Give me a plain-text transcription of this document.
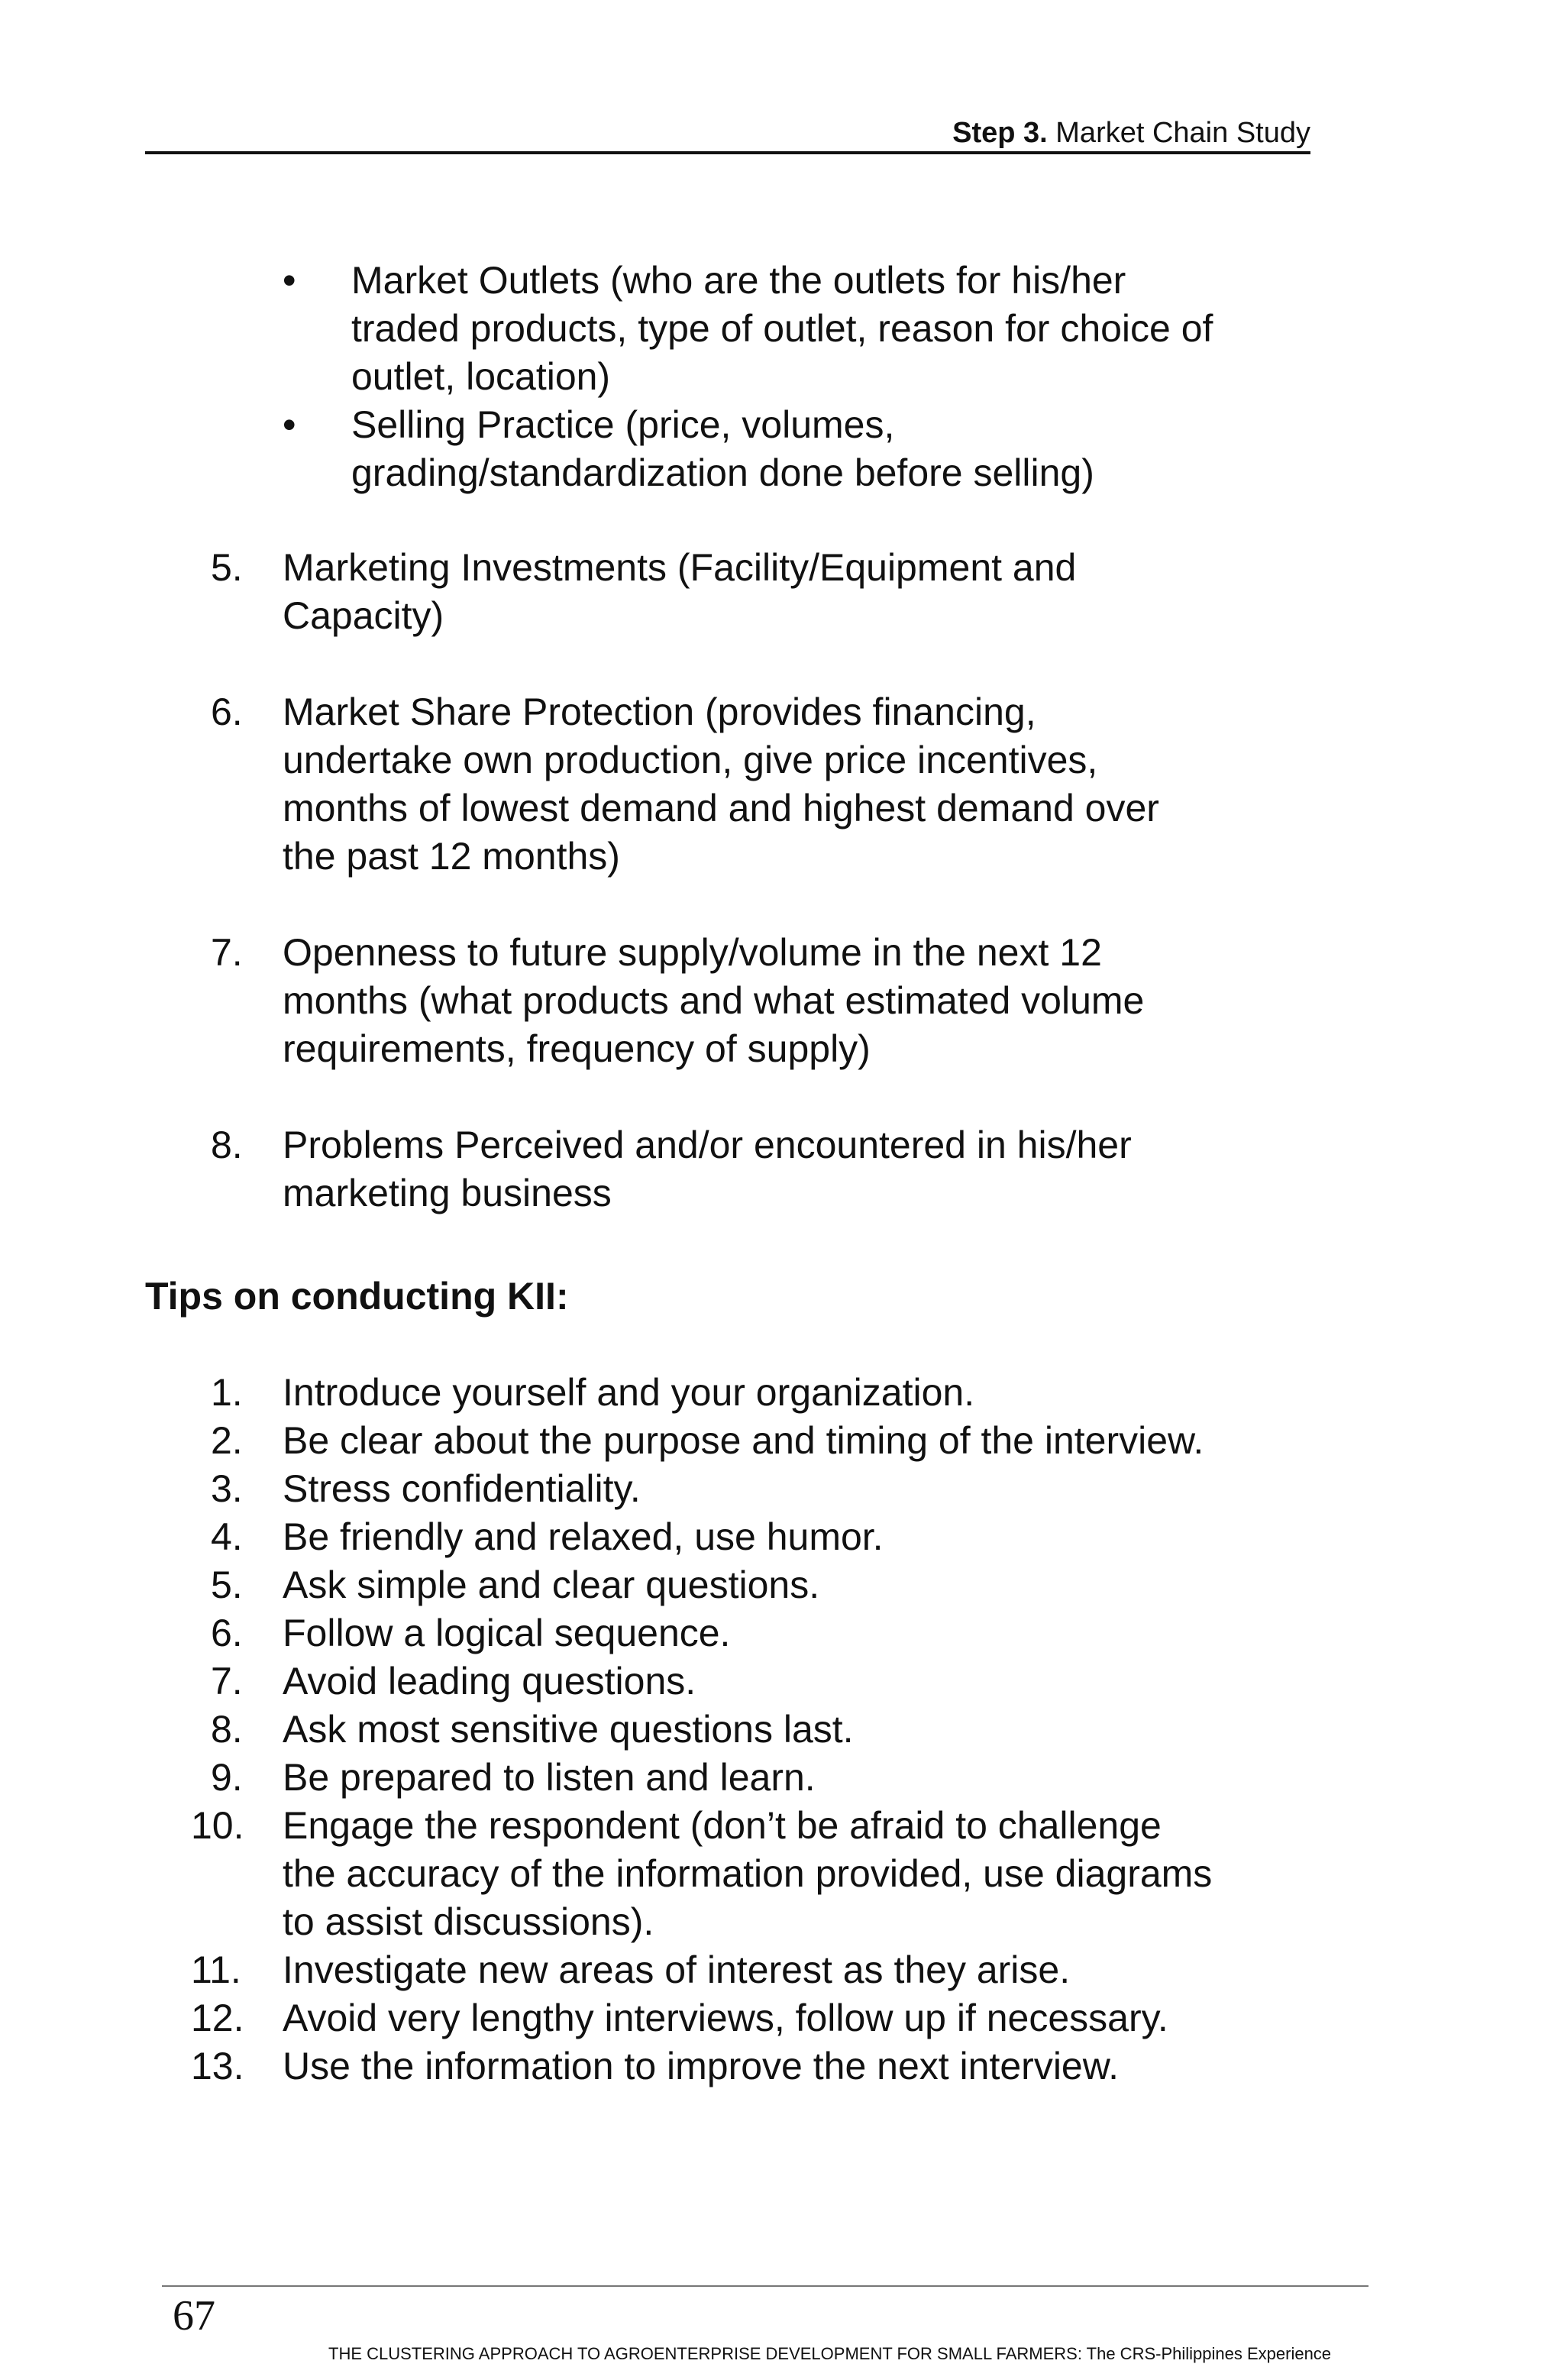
Step 3. Market Chain Study
• Market Outlets (who are the outlets for his/her
traded products, type of outlet, reason for choice of
outlet, location)
• Selling Practice (price, volumes,
grading/standardization done before selling)
5. Marketing Investments (Facility/Equipment and
Capacity)
6. Market Share Protection (provides financing,
undertake own production, give price incentives,
months of lowest demand and highest demand over
the past 12 months)
7. Openness to future supply/volume in the next 12
months (what products and what estimated volume
requirements, frequency of supply)
8. Problems Perceived and/or encountered in his/her
marketing business
Tips on conducting KII:
1. Introduce yourself and your organization.
2. Be clear about the purpose and timing of the interview.
3. Stress confidentiality.
4. Be friendly and relaxed, use humor.
5. Ask simple and clear questions.
6. Follow a logical sequence.
7. Avoid leading questions.
8. Ask most sensitive questions last.
9. Be prepared to listen and learn.
10. Engage the respondent (don’t be afraid to challenge
the accuracy of the information provided, use diagrams
to assist discussions).
11. Investigate new areas of interest as they arise.
12. Avoid very lengthy interviews, follow up if necessary.
13. Use the information to improve the next interview.
67
THE CLUSTERING APPROACH TO AGROENTERPRISE DEVELOPMENT FOR SMALL FARMERS: The CRS-Philippines Experience
